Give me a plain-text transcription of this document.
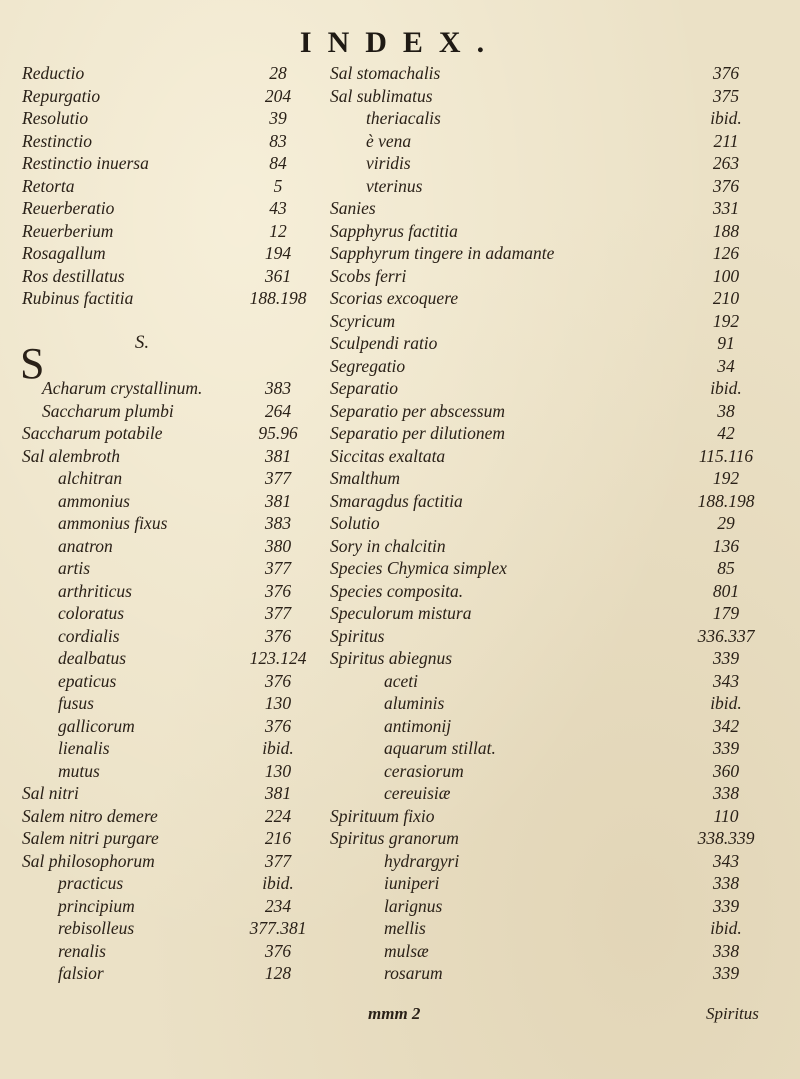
INDEX.
Reductio	28
Repurgatio	204
Resolutio	39
Restinctio	83
Restinctio inuersa	84
Retorta	5
Reuerberatio	43
Reuerberium	12
Rosagallum	194
Ros destillatus	361
Rubinus factitia	188.198
S.
Acharum crystallinum.	383
Saccharum plumbi	264
Saccharum potabile	95.96
Sal alembroth	381
alchitran	377
ammonius	381
ammonius fixus	383
anatron	380
artis	377
arthriticus	376
coloratus	377
cordialis	376
dealbatus	123.124
epaticus	376
fusus	130
gallicorum	376
lienalis	ibid.
mutus	130
Sal nitri	381
Salem nitro demere	224
Salem nitri purgare	216
Sal philosophorum	377
practicus	ibid.
principium	234
rebisolleus	377.381
renalis	376
falsior	128
Sal stomachalis	376
Sal sublimatus	375
theriacalis	ibid.
è vena	211
viridis	263
vterinus	376
Sanies	331
Sapphyrus factitia	188
Sapphyrum tingere in adamante	126
Scobs ferri	100
Scorias excoquere	210
Scyricum	192
Sculpendi ratio	91
Segregatio	34
Separatio	ibid.
Separatio per abscessum	38
Separatio per dilutionem	42
Siccitas exaltata	115.116
Smalthum	192
Smaragdus factitia	188.198
Solutio	29
Sory in chalcitin	136
Species Chymica simplex	85
Species composita.	801
Speculorum mistura	179
Spiritus	336.337
Spiritus abiegnus	339
aceti	343
aluminis	ibid.
antimonij	342
aquarum stillat.	339
cerasiorum	360
cereuisiæ	338
Spirituum fixio	110
Spiritus granorum	338.339
hydrargyri	343
iuniperi	338
larignus	339
mellis	ibid.
mulsæ	338
rosarum	339
S
mmm 2	Spiritus
